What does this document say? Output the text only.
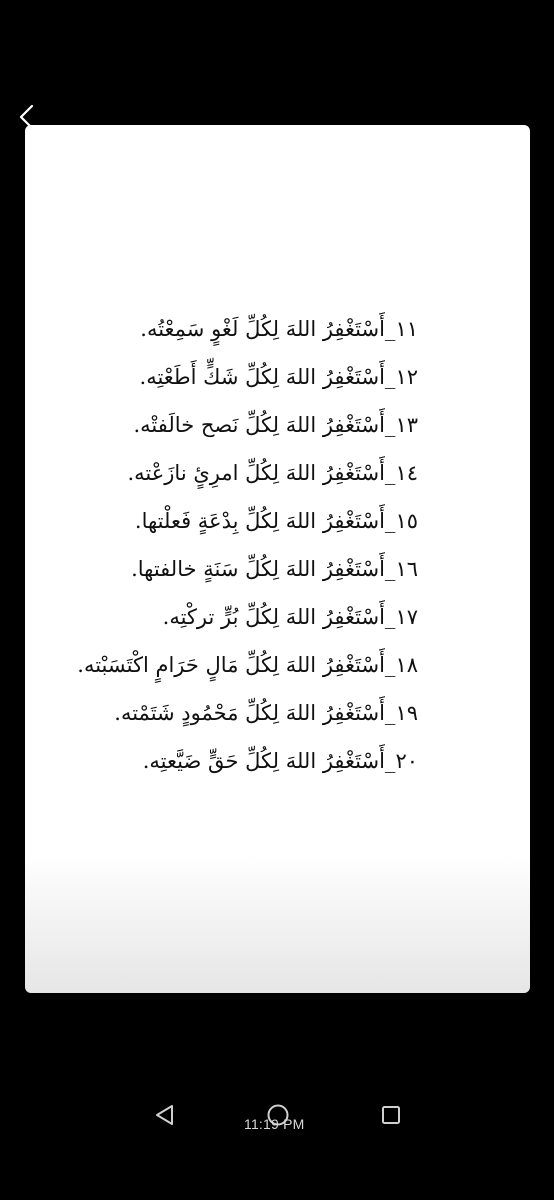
١١_أَسْتَغْفِرُ اللهَ لِكُلِّ لَغْوٍ سَمِعْتُه.
١٢_أَسْتَغْفِرُ اللهَ لِكُلِّ شَكٍّ أَطَعْتِه.
١٣_أَسْتَغْفِرُ اللهَ لِكُلِّ نَصح خالَفتْه.
١٤_أَسْتَغْفِرُ اللهَ لِكُلِّ امرِئٍ نازَعْته.
١٥_أَسْتَغْفِرُ اللهَ لِكُلِّ بِدْعَةٍ فَعلْتها.
١٦_أَسْتَغْفِرُ اللهَ لِكُلِّ سَنَةٍ خالفتها.
١٧_أَسْتَغْفِرُ اللهَ لِكُلِّ بُرٍّ تركْتِه.
١٨_أَسْتَغْفِرُ اللهَ لِكُلِّ مَالٍ حَرَامٍ اكْتَسَبْته.
١٩_أَسْتَغْفِرُ اللهَ لِكُلِّ مَحْمُودٍ شَتَمْته.
٢٠_أَسْتَغْفِرُ اللهَ لِكُلِّ حَقٍّ ضَيَّعتِه.
11:19 PM
